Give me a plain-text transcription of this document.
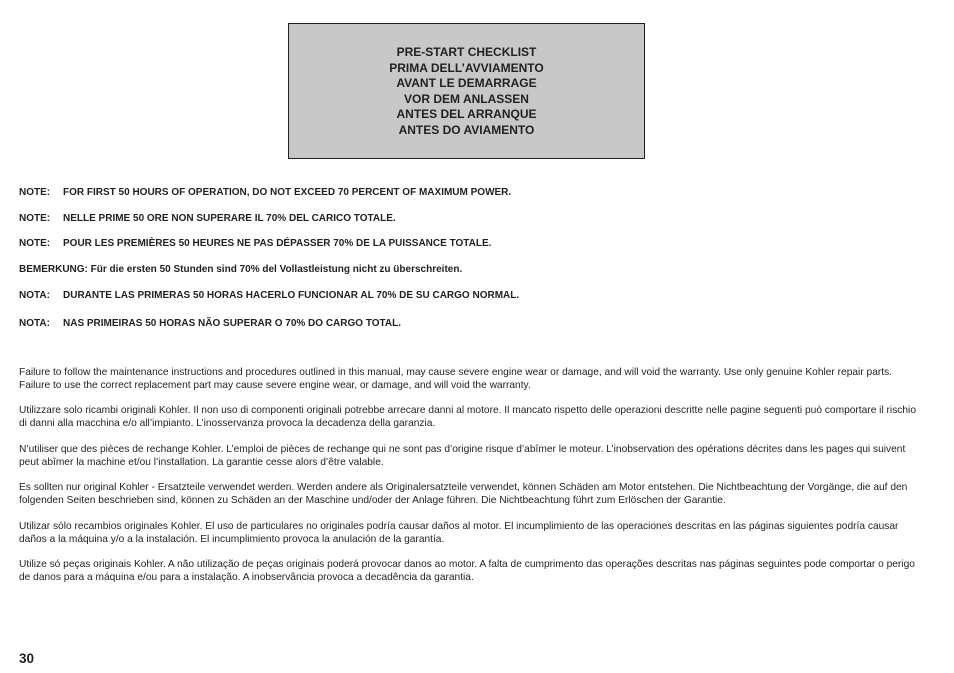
PRE-START CHECKLIST
PRIMA DELL’AVVIAMENTO
AVANT LE DEMARRAGE
VOR DEM ANLASSEN
ANTES DEL ARRANQUE
ANTES DO AVIAMENTO
NOTE: FOR FIRST 50 HOURS OF OPERATION, DO NOT EXCEED 70 PERCENT OF MAXIMUM POWER.
NOTE: NELLE PRIME 50 ORE NON SUPERARE IL 70% DEL CARICO TOTALE.
NOTE: POUR LES PREMIÈRES 50 HEURES NE PAS DÉPASSER 70% DE LA PUISSANCE TOTALE.
BEMERKUNG: Für die ersten 50 Stunden sind 70% del Vollastleistung nicht zu überschreiten.
NOTA: DURANTE LAS PRIMERAS 50 HORAS HACERLO FUNCIONAR AL 70% DE SU CARGO NORMAL.
NOTA: NAS PRIMEIRAS 50 HORAS NÃO SUPERAR O 70% DO CARGO TOTAL.
Failure to follow the maintenance instructions and procedures outlined in this manual, may cause severe engine wear or damage, and will void the warranty. Use only genuine Kohler repair parts. Failure to use the correct replacement part may cause severe engine wear, or damage, and will void the warranty.
Utilizzare solo ricambi originali Kohler. Il non uso di componenti originali potrebbe arrecare danni al motore. Il mancato rispetto delle operazioni descritte nelle pagine seguenti può comportare il rischio di danni alla macchina e/o all’impianto. L’inosservanza provoca la decadenza della garanzia.
N’utiliser que des pièces de rechange Kohler. L’emploi de pièces de rechange qui ne sont pas d’origine risque d’abîmer le moteur. L’inobservation des opérations décrites dans les pages qui suivent peut abîmer la machine et/ou l’installation. La garantie cesse alors d’être valable.
Es sollten nur original Kohler - Ersatzteile verwendet werden. Werden andere als Originalersatzteile verwendet, können Schäden am Motor entstehen. Die Nichtbeachtung der Vorgänge, die auf den folgenden Seiten beschrieben sind, können zu Schäden an der Maschine und/oder der Anlage führen. Die Nichtbeachtung führt zum Erlöschen der Garantie.
Utilizar sólo recambios originales Kohler. El uso de particulares no originales podría causar daños al motor. El incumplimiento de las operaciones descritas en las páginas siguientes podría causar daños a la máquina y/o a la instalación. El incumplimiento provoca la anulación de la garantía.
Utilize só peças originais Kohler. A não utilização de peças originais poderá provocar danos ao motor. A falta de cumprimento das operações descritas nas páginas seguintes pode comportar o perigo de danos para a máquina e/ou para a instalação. A inobservância provoca a decadência da garantia.
30
